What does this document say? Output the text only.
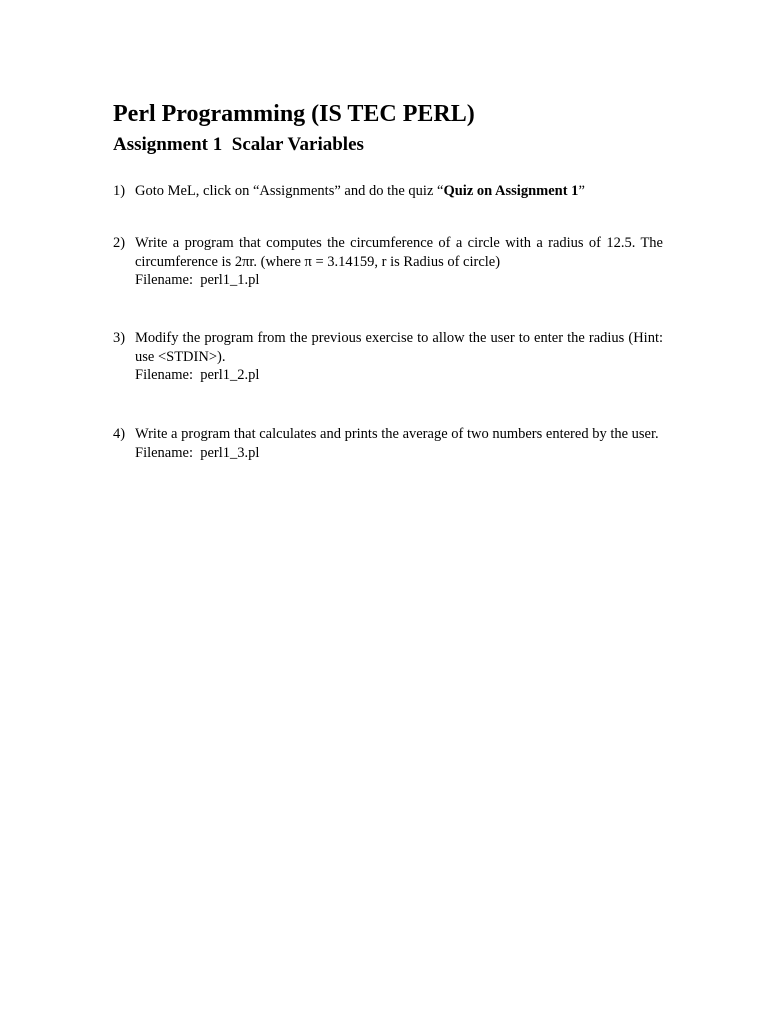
Perl Programming (IS TEC PERL)
Assignment 1  Scalar Variables
1) Goto MeL, click on “Assignments” and do the quiz “Quiz on Assignment 1”

2) Write a program that computes the circumference of a circle with a radius of 12.5. The circumference is 2πr. (where π = 3.14159, r is Radius of circle)

Filename:  perl1_1.pl

3) Modify the program from the previous exercise to allow the user to enter the radius (Hint: use <STDIN>).

Filename:  perl1_2.pl

4) Write a program that calculates and prints the average of two numbers entered by the user.

Filename:  perl1_3.pl
